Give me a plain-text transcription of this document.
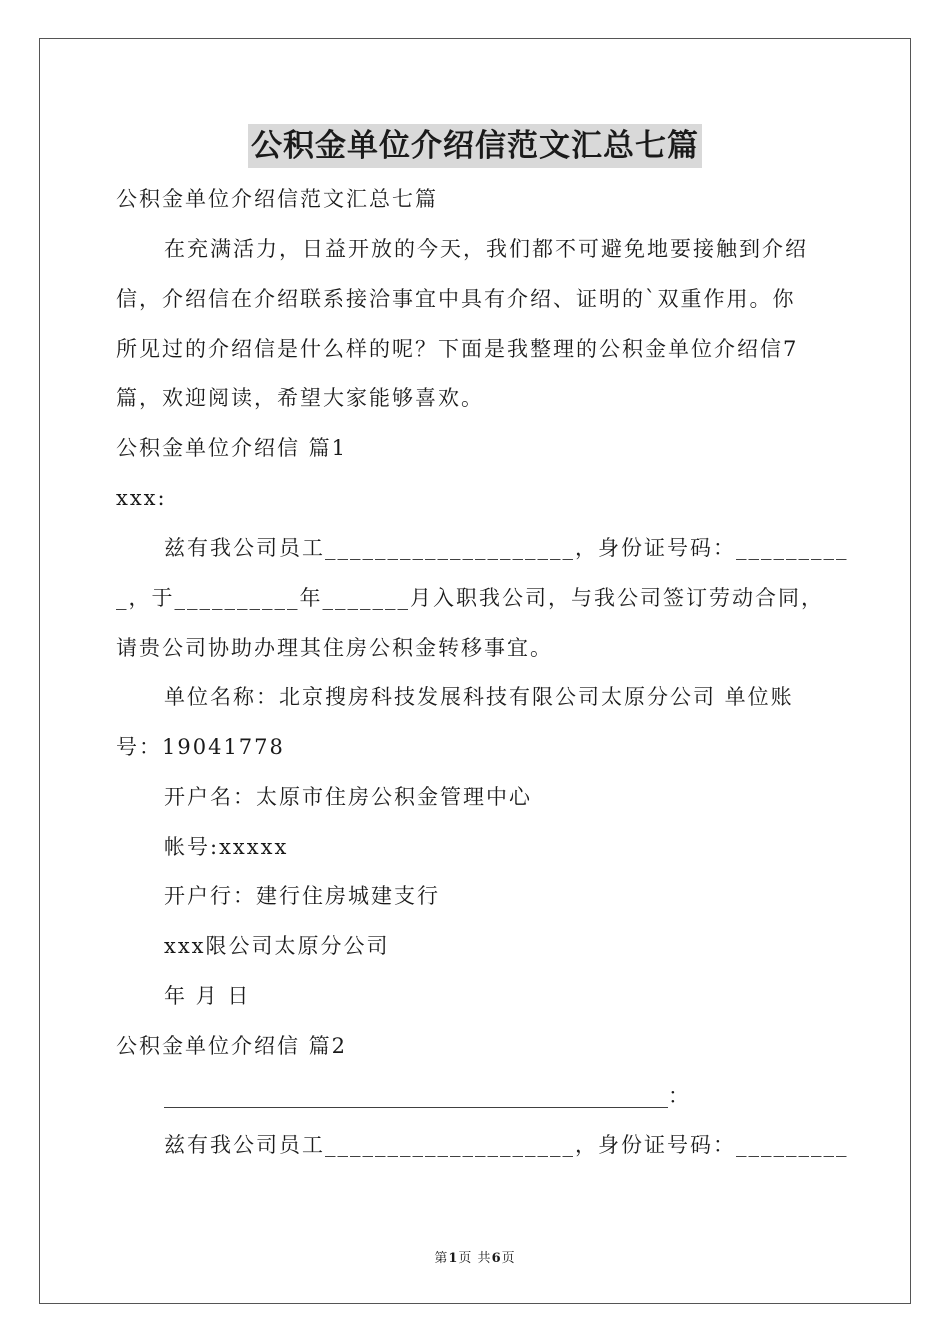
公积金单位介绍信范文汇总七篇
公积金单位介绍信范文汇总七篇
在充满活力，日益开放的今天，我们都不可避免地要接触到介绍
信，介绍信在介绍联系接洽事宜中具有介绍、证明的`双重作用。你
所见过的介绍信是什么样的呢？下面是我整理的公积金单位介绍信7
篇，欢迎阅读，希望大家能够喜欢。
公积金单位介绍信 篇1
xxx:
兹有我公司员工____________________，身份证号码：_________
_，于__________年_______月入职我公司，与我公司签订劳动合同，
请贵公司协助办理其住房公积金转移事宜。
单位名称：北京搜房科技发展科技有限公司太原分公司 单位账
号：19041778
开户名：太原市住房公积金管理中心
帐号:xxxxx
开户行：建行住房城建支行
xxx限公司太原分公司
年 月 日
公积金单位介绍信 篇2
________________________________________________：
兹有我公司员工____________________，身份证号码：_________
第1页 共6页
